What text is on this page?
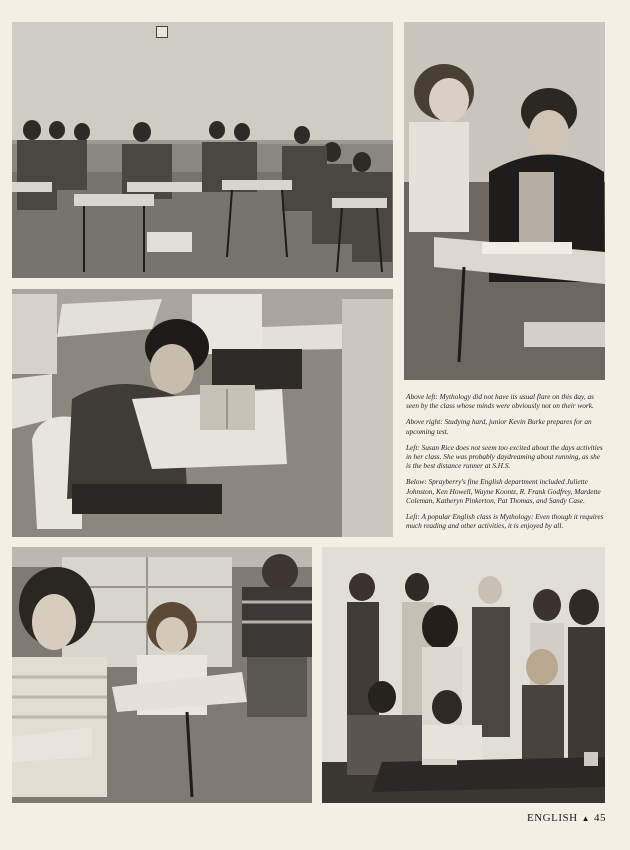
Above left: Mythology did not have its usual flare on this day, as seen by the class whose minds were obviously not on their work.

Above right: Studying hard, junior Kevin Burke prepares for an upcoming test.

Left: Susan Rice does not seem too excited about the days activities in her class. She was probably daydreaming about running, as she is the best distance runner at S.H.S.

Below: Sprayberry's fine English department included Juliette Johnston, Ken Howell, Wayne Koontz, R. Frank Godfrey, Mardette Coleman, Katheryn Pinkerton, Pat Thomas, and Sandy Case.

Left: A popular English class is Mythology: Even though it requires much reading and other activities, it is enjoyed by all.

ENGLISH ▲ 45
